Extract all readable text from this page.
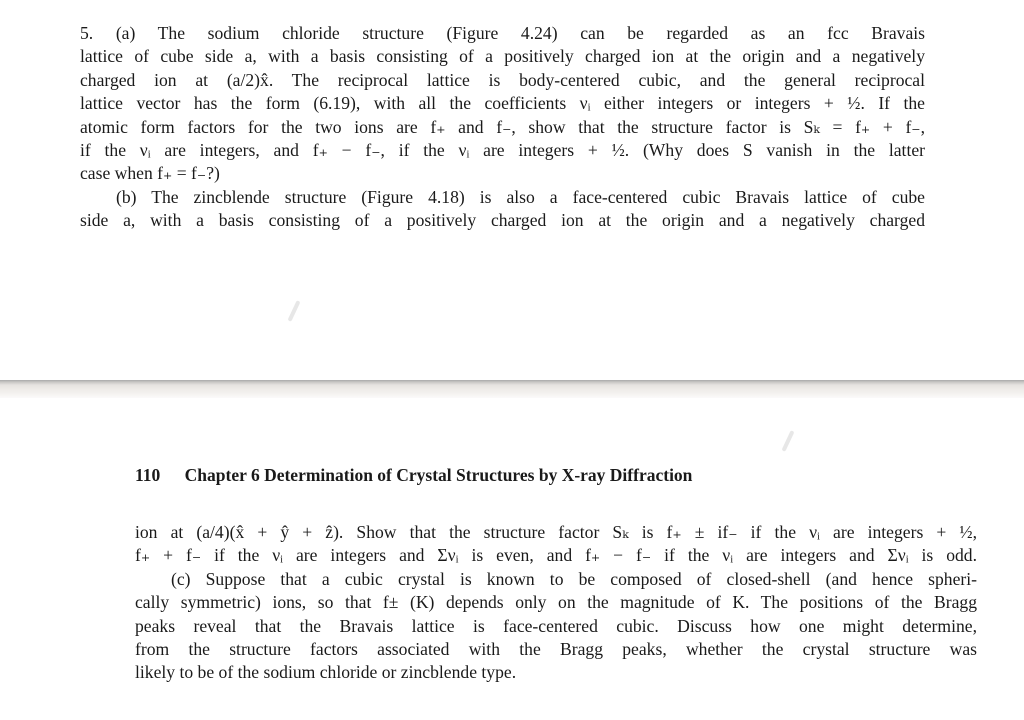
5. (a) The sodium chloride structure (Figure 4.24) can be regarded as an fcc Bravais
lattice of cube side a, with a basis consisting of a positively charged ion at the origin and a negatively
charged ion at (a/2)x̂. The reciprocal lattice is body-centered cubic, and the general reciprocal
lattice vector has the form (6.19), with all the coefficients νᵢ either integers or integers + ½. If the
atomic form factors for the two ions are f₊ and f₋, show that the structure factor is Sₖ = f₊ + f₋,
if the νᵢ are integers, and f₊ − f₋, if the νᵢ are integers + ½. (Why does S vanish in the latter
case when f₊ = f₋?)
(b) The zincblende structure (Figure 4.18) is also a face-centered cubic Bravais lattice of cube
side a, with a basis consisting of a positively charged ion at the origin and a negatively charged
110 Chapter 6 Determination of Crystal Structures by X-ray Diffraction
ion at (a/4)(x̂ + ŷ + ẑ). Show that the structure factor Sₖ is f₊ ± if₋ if the νᵢ are integers + ½,
f₊ + f₋ if the νᵢ are integers and Σνᵢ is even, and f₊ − f₋ if the νᵢ are integers and Σνᵢ is odd.
(c) Suppose that a cubic crystal is known to be composed of closed-shell (and hence spheri-
cally symmetric) ions, so that f± (K) depends only on the magnitude of K. The positions of the Bragg
peaks reveal that the Bravais lattice is face-centered cubic. Discuss how one might determine,
from the structure factors associated with the Bragg peaks, whether the crystal structure was
likely to be of the sodium chloride or zincblende type.
